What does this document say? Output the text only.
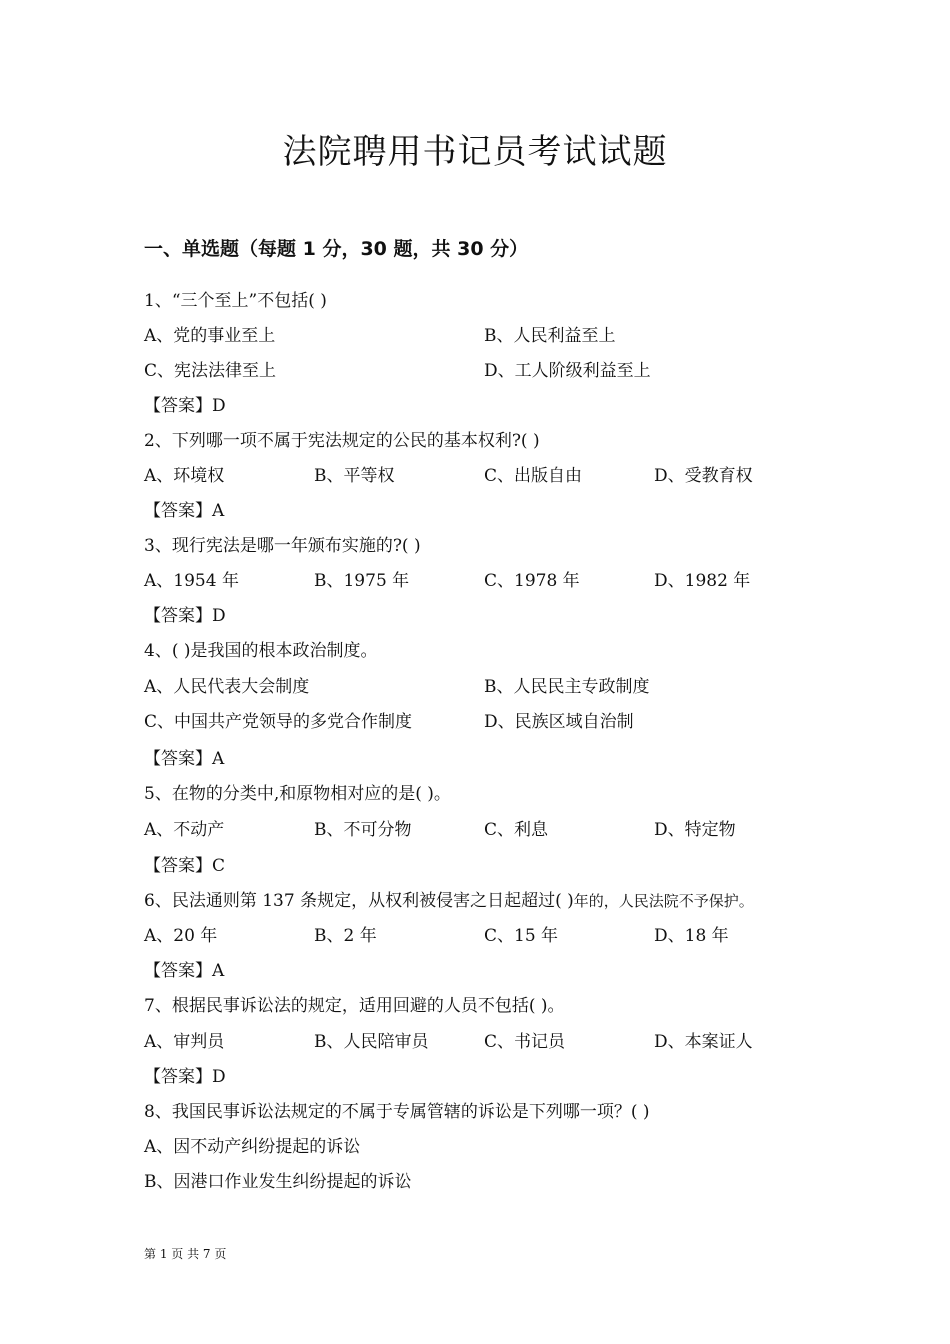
法院聘用书记员考试试题
一、单选题（每题 1 分，30 题，共 30 分）
1、“三个至上”不包括( )
A、党的事业至上	B、人民利益至上
C、宪法法律至上	D、工人阶级利益至上
【答案】D
2、下列哪一项不属于宪法规定的公民的基本权利?( )
A、环境权	B、平等权	C、出版自由	D、受教育权
【答案】A
3、现行宪法是哪一年颁布实施的?( )
A、1954 年	B、1975 年	C、1978 年	D、1982 年
【答案】D
4、( )是我国的根本政治制度。
A、人民代表大会制度	B、人民民主专政制度
C、中国共产党领导的多党合作制度	D、民族区域自治制
【答案】A
5、在物的分类中,和原物相对应的是( )。
A、不动产	B、不可分物	C、利息	D、特定物
【答案】C
6、民法通则第 137 条规定，从权利被侵害之日起超过( )年的，人民法院不予保护。
A、20 年	B、2 年	C、15 年	D、18 年
【答案】A
7、根据民事诉讼法的规定，适用回避的人员不包括( )。
A、审判员	B、人民陪审员	C、书记员	D、本案证人
【答案】D
8、我国民事诉讼法规定的不属于专属管辖的诉讼是下列哪一项？( )
A、因不动产纠纷提起的诉讼
B、因港口作业发生纠纷提起的诉讼
第 1 页 共 7 页
